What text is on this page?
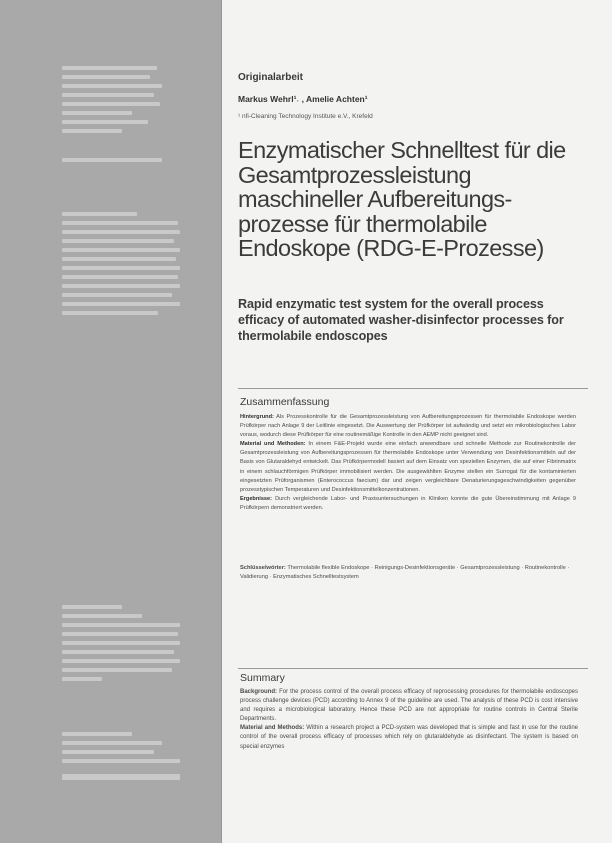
Originalarbeit
Markus Wehrl¹˒ , Amelie Achten¹
¹ nfi-Cleaning Technology Institute e.V., Krefeld
Enzymatischer Schnelltest für die Gesamtprozessleistung maschineller Aufbereitungs-prozesse für thermolabile Endoskope (RDG-E-Prozesse)
Rapid enzymatic test system for the overall process efficacy of automated washer-disinfector processes for thermolabile endoscopes
Zusammenfassung

Hintergrund: Als Prozesskontrolle für die Gesamtprozessleistung von Aufbereitungsprozessen für thermolabile Endoskope werden Prüfkörper nach Anlage 9 der Leitlinie eingesetzt. Die Auswertung der Prüfkörper ist aufwändig und setzt ein mikrobiologisches Labor voraus, wodurch diese Prüfkörper für eine routinemäßige Kontrolle in den AEMP nicht geeignet sind.

Material und Methoden: In einem F&E-Projekt wurde eine einfach anwendbare und schnelle Methode zur Routinekontrolle der Gesamtprozessleistung von Aufbereitungsprozessen für thermolabile Endoskope unter Verwendung von Desinfektionsmitteln auf der Basis von Glutaraldehyd entwickelt. Das Prüfkörpermodell basiert auf dem Einsatz von speziellen Enzymen, die auf einer Fibrinmatrix in einem schlauchförmigen Prüfkörper immobilisiert werden. Die ausgewählten Enzyme stellen ein Surrogat für die kontaminierten eingesetzten Prüforganismen (Enterococcus faecium) dar und zeigen vergleichbare Denaturierungsgeschwindigkeiten gegenüber prozesstypischen Temperaturen und Desinfektionsmittelkonzentrationen.

Ergebnisse: Durch vergleichende Labor- und Praxisuntersuchungen in Kliniken konnte die gute Übereinstimmung mit Anlage 9 Prüfkörpern demonstriert werden.

Schlüsselwörter: Thermolabile flexible Endoskope · Reinigungs-Desinfektionsgeräte · Gesamtprozessleistung · Routinekontrolle · Validierung · Enzymatisches Schnelltestsystem
Summary

Background: For the process control of the overall process efficacy of reprocessing procedures for thermolabile endoscopes process challenge devices (PCD) according to Annex 9 of the guideline are used. The analysis of these PCD is cost intensive and requires a microbiological laboratory. Hence these PCD are not appropriate for routine controls in Central Sterile Departments.

Material and Methods: Within a research project a PCD-system was developed that is simple and fast in use for the routine control of the overall process efficacy of processes which rely on glutaraldehyde as disinfectant. The system is based on special enzymes
